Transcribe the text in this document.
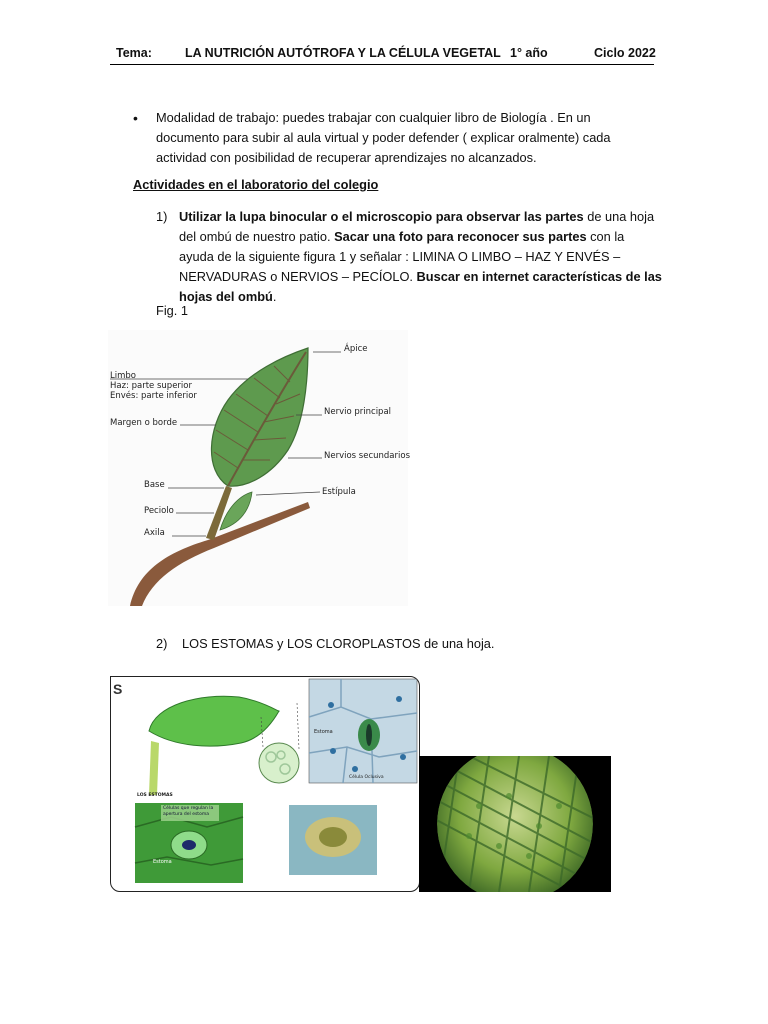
Tema:	LA NUTRICIÓN AUTÓTROFA Y LA CÉLULA VEGETAL 1° año	Ciclo 2022
• Modalidad de trabajo: puedes trabajar con cualquier libro de Biología . En un documento para subir al aula virtual y poder defender ( explicar oralmente) cada actividad con posibilidad de recuperar aprendizajes no alcanzados.
Actividades en el laboratorio del colegio
1) Utilizar la lupa binocular o el microscopio para observar las partes de una hoja del ombú de nuestro patio. Sacar una foto para reconocer sus partes con la ayuda de la siguiente figura 1 y señalar : LIMINA O LIMBO – HAZ Y ENVÉS – NERVADURAS o NERVIOS – PECÍOLO. Buscar en internet características de las hojas del ombú.
Fig. 1
Ápice
Limbo
Haz: parte superior
Envés: parte inferior
Margen o borde
Nervio principal
Nervios secundarios
Base
Estípula
Peciolo
Axila
2) LOS ESTOMAS y LOS CLOROPLASTOS de una hoja.
S
Estoma
Célula Oclusiva
LOS ESTOMAS
Células que regulan la apertura del estoma
Estoma
